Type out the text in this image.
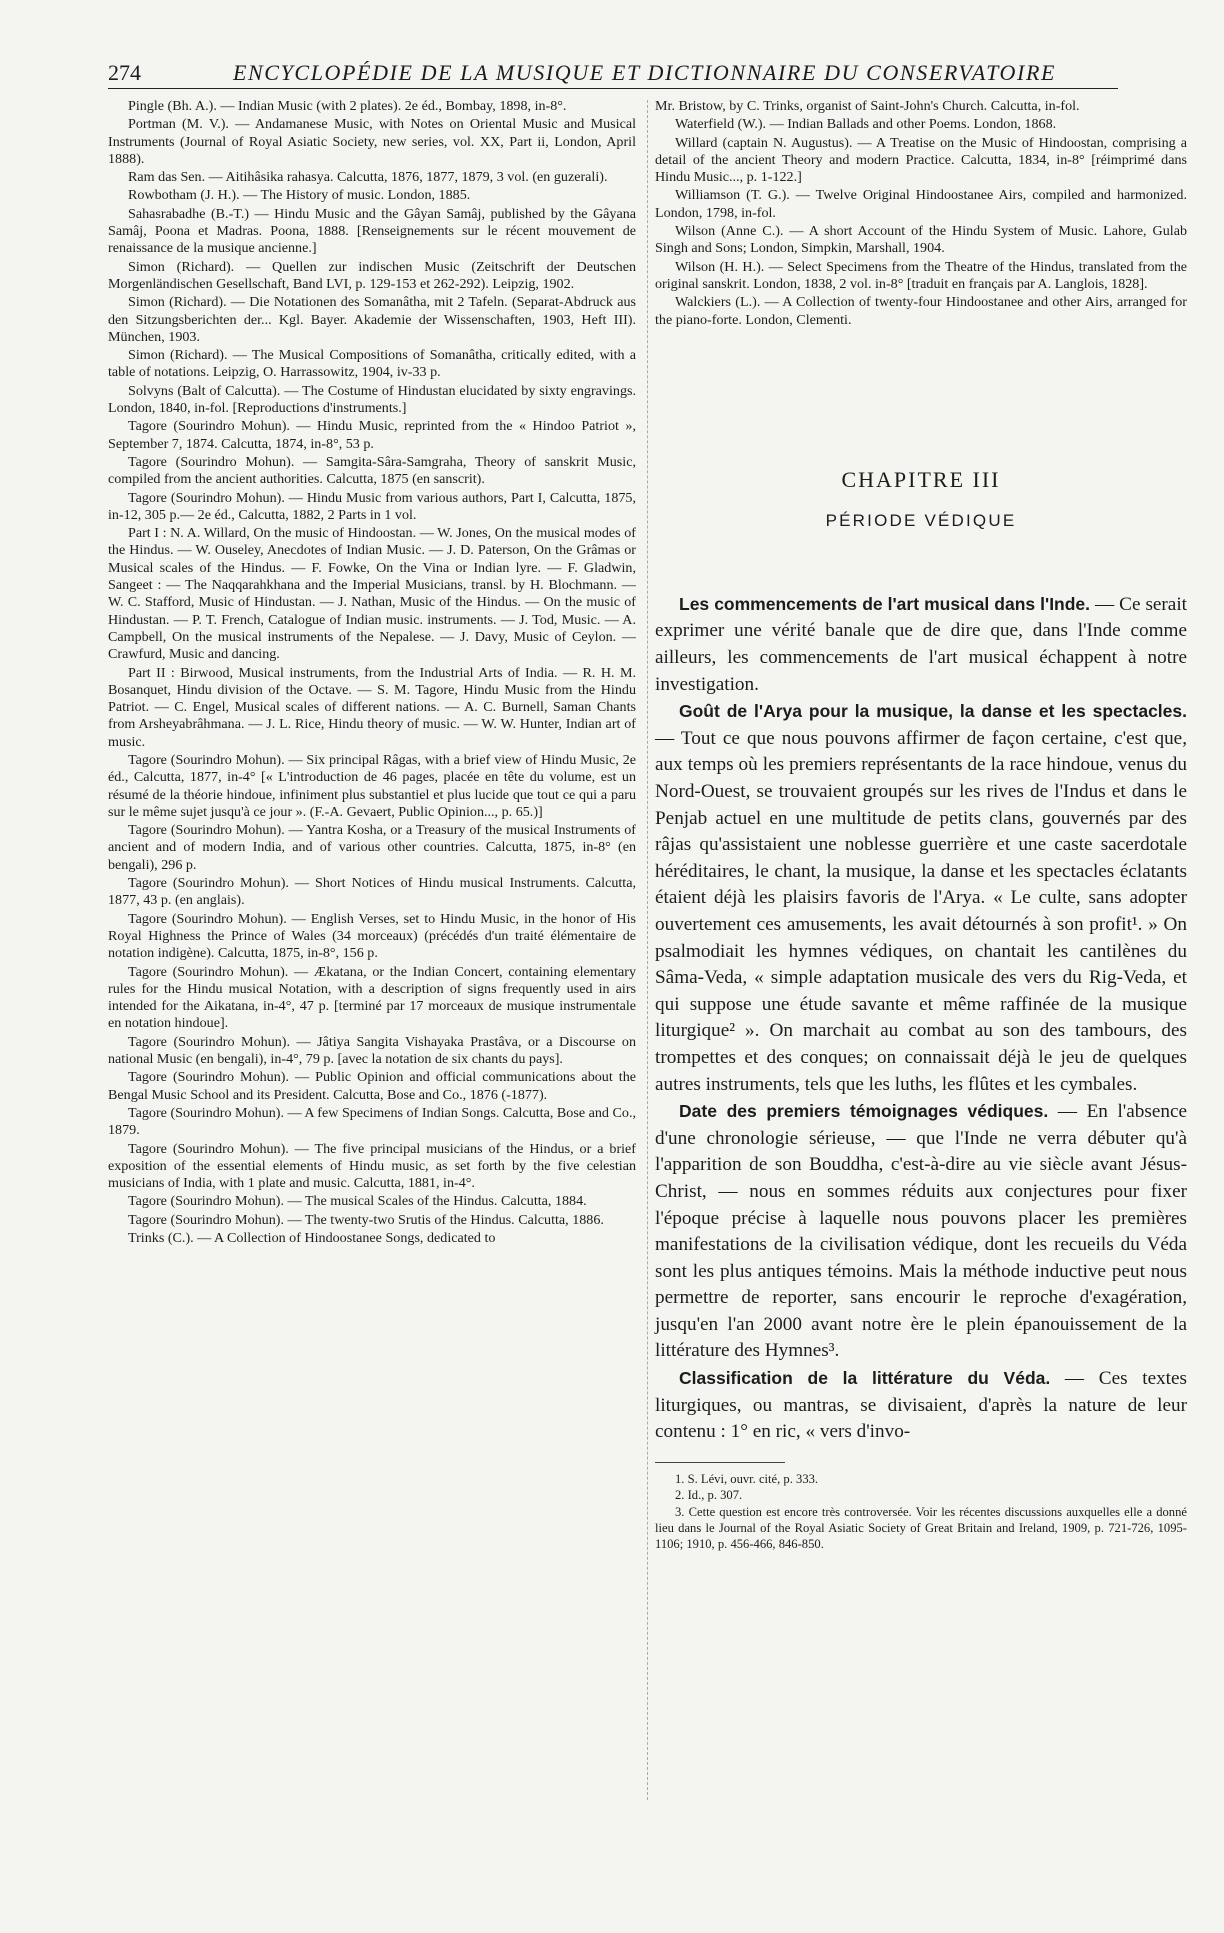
274	ENCYCLOPÉDIE DE LA MUSIQUE ET DICTIONNAIRE DU CONSERVATOIRE

Pingle (Bh. A.). — Indian Music (with 2 plates). 2e éd., Bombay, 1898, in-8°.

Portman (M. V.). — Andamanese Music, with Notes on Oriental Music and Musical Instruments (Journal of Royal Asiatic Society, new series, vol. XX, Part ii, London, April 1888).

Ram das Sen. — Aitihâsika rahasya. Calcutta, 1876, 1877, 1879, 3 vol. (en guzerali).

Rowbotham (J. H.). — The History of music. London, 1885.

Sahasrabadhe (B.-T.) — Hindu Music and the Gâyan Samâj, published by the Gâyana Samâj, Poona et Madras. Poona, 1888. [Renseignements sur le récent mouvement de renaissance de la musique ancienne.]

Simon (Richard). — Quellen zur indischen Music (Zeitschrift der Deutschen Morgenländischen Gesellschaft, Band LVI, p. 129-153 et 262-292). Leipzig, 1902.

Simon (Richard). — Die Notationen des Somanâtha, mit 2 Tafeln. (Separat-Abdruck aus den Sitzungsberichten der... Kgl. Bayer. Akademie der Wissenschaften, 1903, Heft III). München, 1903.

Simon (Richard). — The Musical Compositions of Somanâtha, critically edited, with a table of notations. Leipzig, O. Harrassowitz, 1904, iv-33 p.

Solvyns (Balt of Calcutta). — The Costume of Hindustan elucidated by sixty engravings. London, 1840, in-fol. [Reproductions d'instruments.]

Tagore (Sourindro Mohun). — Hindu Music, reprinted from the « Hindoo Patriot », September 7, 1874. Calcutta, 1874, in-8°, 53 p.

Tagore (Sourindro Mohun). — Samgita-Sâra-Samgraha, Theory of sanskrit Music, compiled from the ancient authorities. Calcutta, 1875 (en sanscrit).

Tagore (Sourindro Mohun). — Hindu Music from various authors, Part I, Calcutta, 1875, in-12, 305 p.— 2e éd., Calcutta, 1882, 2 Parts in 1 vol.

Part I : N. A. Willard, On the music of Hindoostan. — W. Jones, On the musical modes of the Hindus. — W. Ouseley, Anecdotes of Indian Music. — J. D. Paterson, On the Grâmas or Musical scales of the Hindus. — F. Fowke, On the Vina or Indian lyre. — F. Gladwin, Sangeet : — The Naqqarahkhana and the Imperial Musicians, transl. by H. Blochmann. — W. C. Stafford, Music of Hindustan. — J. Nathan, Music of the Hindus. — On the music of Hindustan. — P. T. French, Catalogue of Indian music. instruments. — J. Tod, Music. — A. Campbell, On the musical instruments of the Nepalese. — J. Davy, Music of Ceylon. — Crawfurd, Music and dancing.

Part II : Birwood, Musical instruments, from the Industrial Arts of India. — R. H. M. Bosanquet, Hindu division of the Octave. — S. M. Tagore, Hindu Music from the Hindu Patriot. — C. Engel, Musical scales of different nations. — A. C. Burnell, Saman Chants from Arsheyabrâhmana. — J. L. Rice, Hindu theory of music. — W. W. Hunter, Indian art of music.

Tagore (Sourindro Mohun). — Six principal Râgas, with a brief view of Hindu Music, 2e éd., Calcutta, 1877, in-4° [« L'introduction de 46 pages, placée en tête du volume, est un résumé de la théorie hindoue, infiniment plus substantiel et plus lucide que tout ce qui a paru sur le même sujet jusqu'à ce jour ». (F.-A. Gevaert, Public Opinion..., p. 65.)]

Tagore (Sourindro Mohun). — Yantra Kosha, or a Treasury of the musical Instruments of ancient and of modern India, and of various other countries. Calcutta, 1875, in-8° (en bengali), 296 p.

Tagore (Sourindro Mohun). — Short Notices of Hindu musical Instruments. Calcutta, 1877, 43 p. (en anglais).

Tagore (Sourindro Mohun). — English Verses, set to Hindu Music, in the honor of His Royal Highness the Prince of Wales (34 morceaux) (précédés d'un traité élémentaire de notation indigène). Calcutta, 1875, in-8°, 156 p.

Tagore (Sourindro Mohun). — Ækatana, or the Indian Concert, containing elementary rules for the Hindu musical Notation, with a description of signs frequently used in airs intended for the Aikatana, in-4°, 47 p. [terminé par 17 morceaux de musique instrumentale en notation hindoue].

Tagore (Sourindro Mohun). — Jâtiya Sangita Vishayaka Prastâva, or a Discourse on national Music (en bengali), in-4°, 79 p. [avec la notation de six chants du pays].

Tagore (Sourindro Mohun). — Public Opinion and official communications about the Bengal Music School and its President. Calcutta, Bose and Co., 1876 (-1877).

Tagore (Sourindro Mohun). — A few Specimens of Indian Songs. Calcutta, Bose and Co., 1879.

Tagore (Sourindro Mohun). — The five principal musicians of the Hindus, or a brief exposition of the essential elements of Hindu music, as set forth by the five celestian musicians of India, with 1 plate and music. Calcutta, 1881, in-4°.

Tagore (Sourindro Mohun). — The musical Scales of the Hindus. Calcutta, 1884.

Tagore (Sourindro Mohun). — The twenty-two Srutis of the Hindus. Calcutta, 1886.

Trinks (C.). — A Collection of Hindoostanee Songs, dedicated to

Mr. Bristow, by C. Trinks, organist of Saint-John's Church. Calcutta, in-fol.

Waterfield (W.). — Indian Ballads and other Poems. London, 1868.

Willard (captain N. Augustus). — A Treatise on the Music of Hindoostan, comprising a detail of the ancient Theory and modern Practice. Calcutta, 1834, in-8° [réimprimé dans Hindu Music..., p. 1-122.]

Williamson (T. G.). — Twelve Original Hindoostanee Airs, compiled and harmonized. London, 1798, in-fol.

Wilson (Anne C.). — A short Account of the Hindu System of Music. Lahore, Gulab Singh and Sons; London, Simpkin, Marshall, 1904.

Wilson (H. H.). — Select Specimens from the Theatre of the Hindus, translated from the original sanskrit. London, 1838, 2 vol. in-8° [traduit en français par A. Langlois, 1828].

Walckiers (L.). — A Collection of twenty-four Hindoostanee and other Airs, arranged for the piano-forte. London, Clementi.

CHAPITRE III
PÉRIODE VÉDIQUE

Les commencements de l'art musical dans l'Inde. — Ce serait exprimer une vérité banale que de dire que, dans l'Inde comme ailleurs, les commencements de l'art musical échappent à notre investigation.

Goût de l'Arya pour la musique, la danse et les spectacles. — Tout ce que nous pouvons affirmer de façon certaine, c'est que, aux temps où les premiers représentants de la race hindoue, venus du Nord-Ouest, se trouvaient groupés sur les rives de l'Indus et dans le Penjab actuel en une multitude de petits clans, gouvernés par des râjas qu'assistaient une noblesse guerrière et une caste sacerdotale héréditaires, le chant, la musique, la danse et les spectacles éclatants étaient déjà les plaisirs favoris de l'Arya. « Le culte, sans adopter ouvertement ces amusements, les avait détournés à son profit¹. » On psalmodiait les hymnes védiques, on chantait les cantilènes du Sâma-Veda, « simple adaptation musicale des vers du Rig-Veda, et qui suppose une étude savante et même raffinée de la musique liturgique² ». On marchait au combat au son des tambours, des trompettes et des conques; on connaissait déjà le jeu de quelques autres instruments, tels que les luths, les flûtes et les cymbales.

Date des premiers témoignages védiques. — En l'absence d'une chronologie sérieuse, — que l'Inde ne verra débuter qu'à l'apparition de son Bouddha, c'est-à-dire au vie siècle avant Jésus-Christ, — nous en sommes réduits aux conjectures pour fixer l'époque précise à laquelle nous pouvons placer les premières manifestations de la civilisation védique, dont les recueils du Véda sont les plus antiques témoins. Mais la méthode inductive peut nous permettre de reporter, sans encourir le reproche d'exagération, jusqu'en l'an 2000 avant notre ère le plein épanouissement de la littérature des Hymnes³.

Classification de la littérature du Véda. — Ces textes liturgiques, ou mantras, se divisaient, d'après la nature de leur contenu : 1° en ric, « vers d'invo-

1. S. Lévi, ouvr. cité, p. 333.

2. Id., p. 307.

3. Cette question est encore très controversée. Voir les récentes discussions auxquelles elle a donné lieu dans le Journal of the Royal Asiatic Society of Great Britain and Ireland, 1909, p. 721-726, 1095-1106; 1910, p. 456-466, 846-850.
